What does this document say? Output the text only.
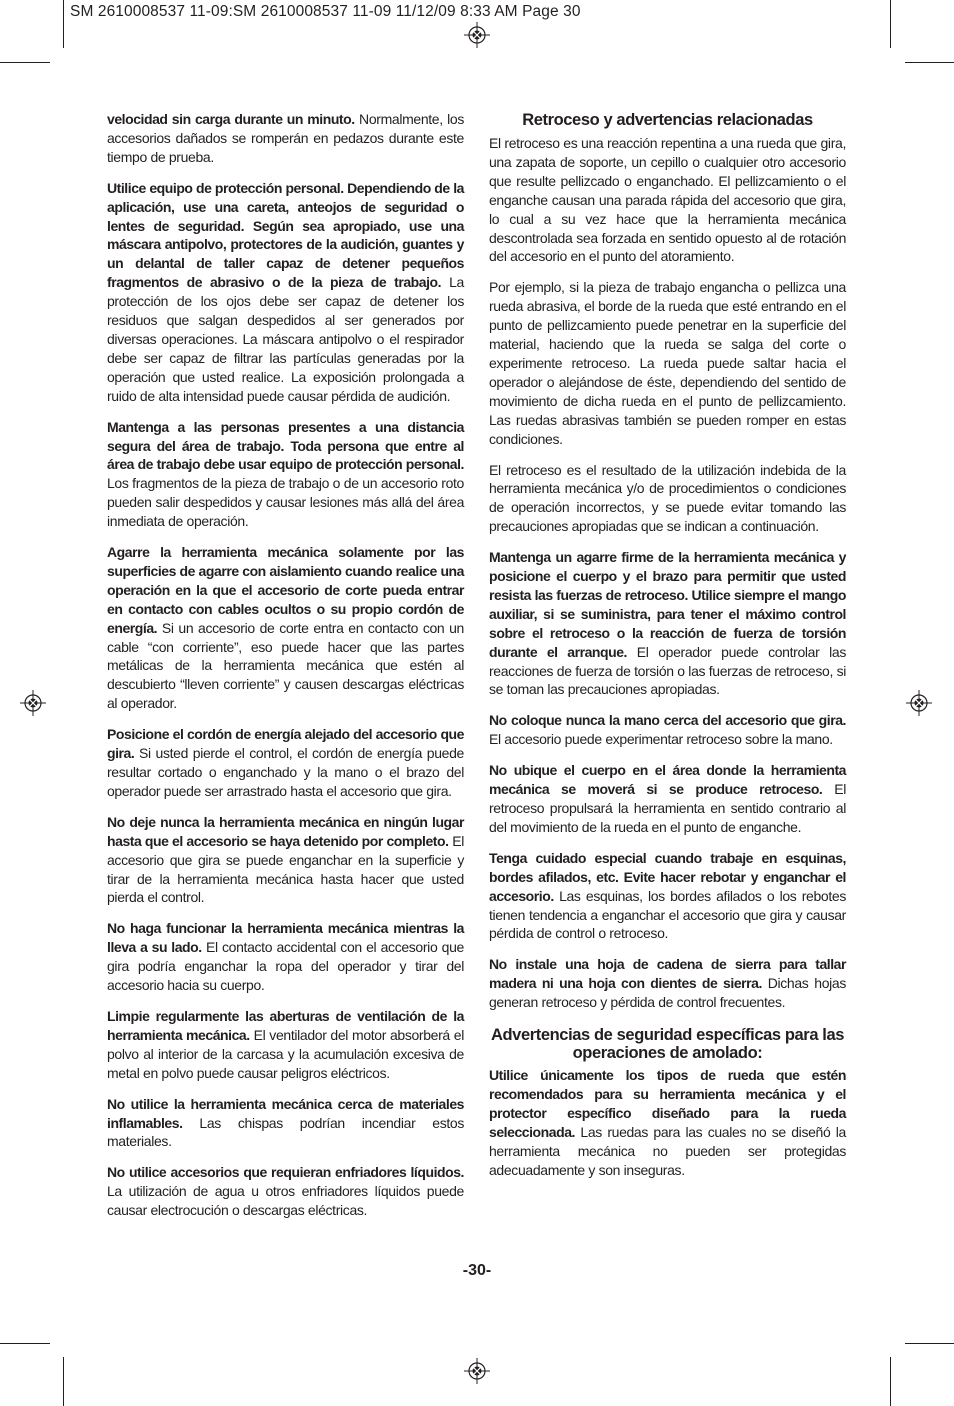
SM 2610008537 11-09:SM 2610008537 11-09 11/12/09 8:33 AM Page 30

velocidad sin carga durante un minuto. Normalmente, los accesorios dañados se romperán en pedazos durante este tiempo de prueba.

Utilice equipo de protección personal. Dependiendo de la aplicación, use una careta, anteojos de seguridad o lentes de seguridad. Según sea apropiado, use una máscara antipolvo, protectores de la audición, guantes y un delantal de taller capaz de detener pequeños fragmentos de abrasivo o de la pieza de trabajo. La protección de los ojos debe ser capaz de detener los residuos que salgan despedidos al ser generados por diversas operaciones. La máscara antipolvo o el respirador debe ser capaz de filtrar las partículas generadas por la operación que usted realice. La exposición prolongada a ruido de alta intensidad puede causar pérdida de audición.

Mantenga a las personas presentes a una distancia segura del área de trabajo. Toda persona que entre al área de trabajo debe usar equipo de protección personal. Los fragmentos de la pieza de trabajo o de un accesorio roto pueden salir despedidos y causar lesiones más allá del área inmediata de operación.

Agarre la herramienta mecánica solamente por las superficies de agarre con aislamiento cuando realice una operación en la que el accesorio de corte pueda entrar en contacto con cables ocultos o su propio cordón de energía. Si un accesorio de corte entra en contacto con un cable “con corriente”, eso puede hacer que las partes metálicas de la herramienta mecánica que estén al descubierto “lleven corriente” y causen descargas eléctricas al operador.

Posicione el cordón de energía alejado del accesorio que gira. Si usted pierde el control, el cordón de energía puede resultar cortado o enganchado y la mano o el brazo del operador puede ser arrastrado hasta el accesorio que gira.

No deje nunca la herramienta mecánica en ningún lugar hasta que el accesorio se haya detenido por completo. El accesorio que gira se puede enganchar en la superficie y tirar de la herramienta mecánica hasta hacer que usted pierda el control.

No haga funcionar la herramienta mecánica mientras la lleva a su lado. El contacto accidental con el accesorio que gira podría enganchar la ropa del operador y tirar del accesorio hacia su cuerpo.

Limpie regularmente las aberturas de ventilación de la herramienta mecánica. El ventilador del motor absorberá el polvo al interior de la carcasa y la acumulación excesiva de metal en polvo puede causar peligros eléctricos.

No utilice la herramienta mecánica cerca de materiales inflamables. Las chispas podrían incendiar estos materiales.

No utilice accesorios que requieran enfriadores líquidos. La utilización de agua u otros enfriadores líquidos puede causar electrocución o descargas eléctricas.

Retroceso y advertencias relacionadas

El retroceso es una reacción repentina a una rueda que gira, una zapata de soporte, un cepillo o cualquier otro accesorio que resulte pellizcado o enganchado. El pellizcamiento o el enganche causan una parada rápida del accesorio que gira, lo cual a su vez hace que la herramienta mecánica descontrolada sea forzada en sentido opuesto al de rotación del accesorio en el punto del atoramiento.

Por ejemplo, si la pieza de trabajo engancha o pellizca una rueda abrasiva, el borde de la rueda que esté entrando en el punto de pellizcamiento puede penetrar en la superficie del material, haciendo que la rueda se salga del corte o experimente retroceso. La rueda puede saltar hacia el operador o alejándose de éste, dependiendo del sentido de movimiento de dicha rueda en el punto de pellizcamiento. Las ruedas abrasivas también se pueden romper en estas condiciones.

El retroceso es el resultado de la utilización indebida de la herramienta mecánica y/o de procedimientos o condiciones de operación incorrectos, y se puede evitar tomando las precauciones apropiadas que se indican a continuación.

Mantenga un agarre firme de la herramienta mecánica y posicione el cuerpo y el brazo para permitir que usted resista las fuerzas de retroceso. Utilice siempre el mango auxiliar, si se suministra, para tener el máximo control sobre el retroceso o la reacción de fuerza de torsión durante el arranque. El operador puede controlar las reacciones de fuerza de torsión o las fuerzas de retroceso, si se toman las precauciones apropiadas.

No coloque nunca la mano cerca del accesorio que gira. El accesorio puede experimentar retroceso sobre la mano.

No ubique el cuerpo en el área donde la herramienta mecánica se moverá si se produce retroceso. El retroceso propulsará la herramienta en sentido contrario al del movimiento de la rueda en el punto de enganche.

Tenga cuidado especial cuando trabaje en esquinas, bordes afilados, etc. Evite hacer rebotar y enganchar el accesorio. Las esquinas, los bordes afilados o los rebotes tienen tendencia a enganchar el accesorio que gira y causar pérdida de control o retroceso.

No instale una hoja de cadena de sierra para tallar madera ni una hoja con dientes de sierra. Dichas hojas generan retroceso y pérdida de control frecuentes.

Advertencias de seguridad específicas para las operaciones de amolado:

Utilice únicamente los tipos de rueda que estén recomendados para su herramienta mecánica y el protector específico diseñado para la rueda seleccionada. Las ruedas para las cuales no se diseñó la herramienta mecánica no pueden ser protegidas adecuadamente y son inseguras.

-30-
